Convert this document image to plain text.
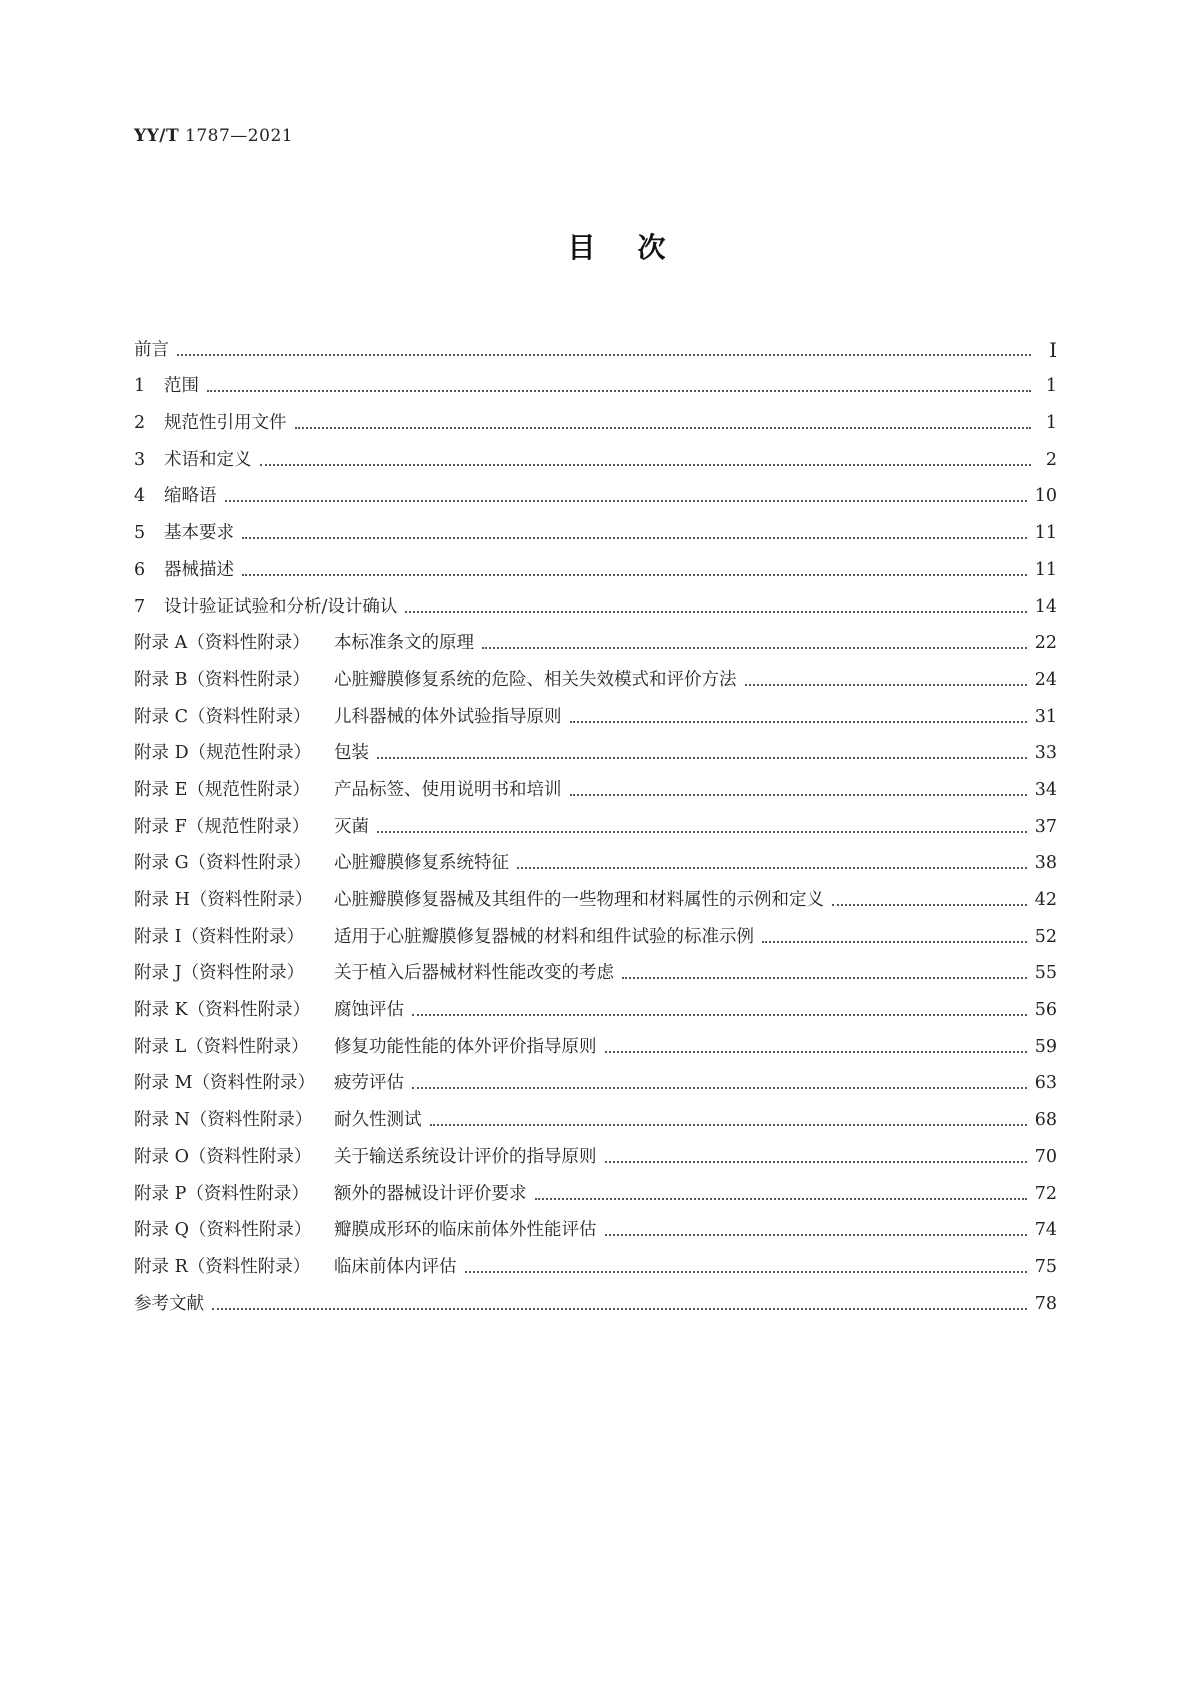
YY/T 1787—2021
目次
前言	Ⅰ
1	范围	1
2	规范性引用文件	1
3	术语和定义	2
4	缩略语	10
5	基本要求	11
6	器械描述	11
7	设计验证试验和分析/设计确认	14
附录 A（资料性附录）	本标准条文的原理	22
附录 B（资料性附录）	心脏瓣膜修复系统的危险、相关失效模式和评价方法	24
附录 C（资料性附录）	儿科器械的体外试验指导原则	31
附录 D（规范性附录）	包装	33
附录 E（规范性附录）	产品标签、使用说明书和培训	34
附录 F（规范性附录）	灭菌	37
附录 G（资料性附录）	心脏瓣膜修复系统特征	38
附录 H（资料性附录）	心脏瓣膜修复器械及其组件的一些物理和材料属性的示例和定义	42
附录 I（资料性附录）	适用于心脏瓣膜修复器械的材料和组件试验的标准示例	52
附录 J（资料性附录）	关于植入后器械材料性能改变的考虑	55
附录 K（资料性附录）	腐蚀评估	56
附录 L（资料性附录）	修复功能性能的体外评价指导原则	59
附录 M（资料性附录）	疲劳评估	63
附录 N（资料性附录）	耐久性测试	68
附录 O（资料性附录）	关于输送系统设计评价的指导原则	70
附录 P（资料性附录）	额外的器械设计评价要求	72
附录 Q（资料性附录）	瓣膜成形环的临床前体外性能评估	74
附录 R（资料性附录）	临床前体内评估	75
参考文献	78
